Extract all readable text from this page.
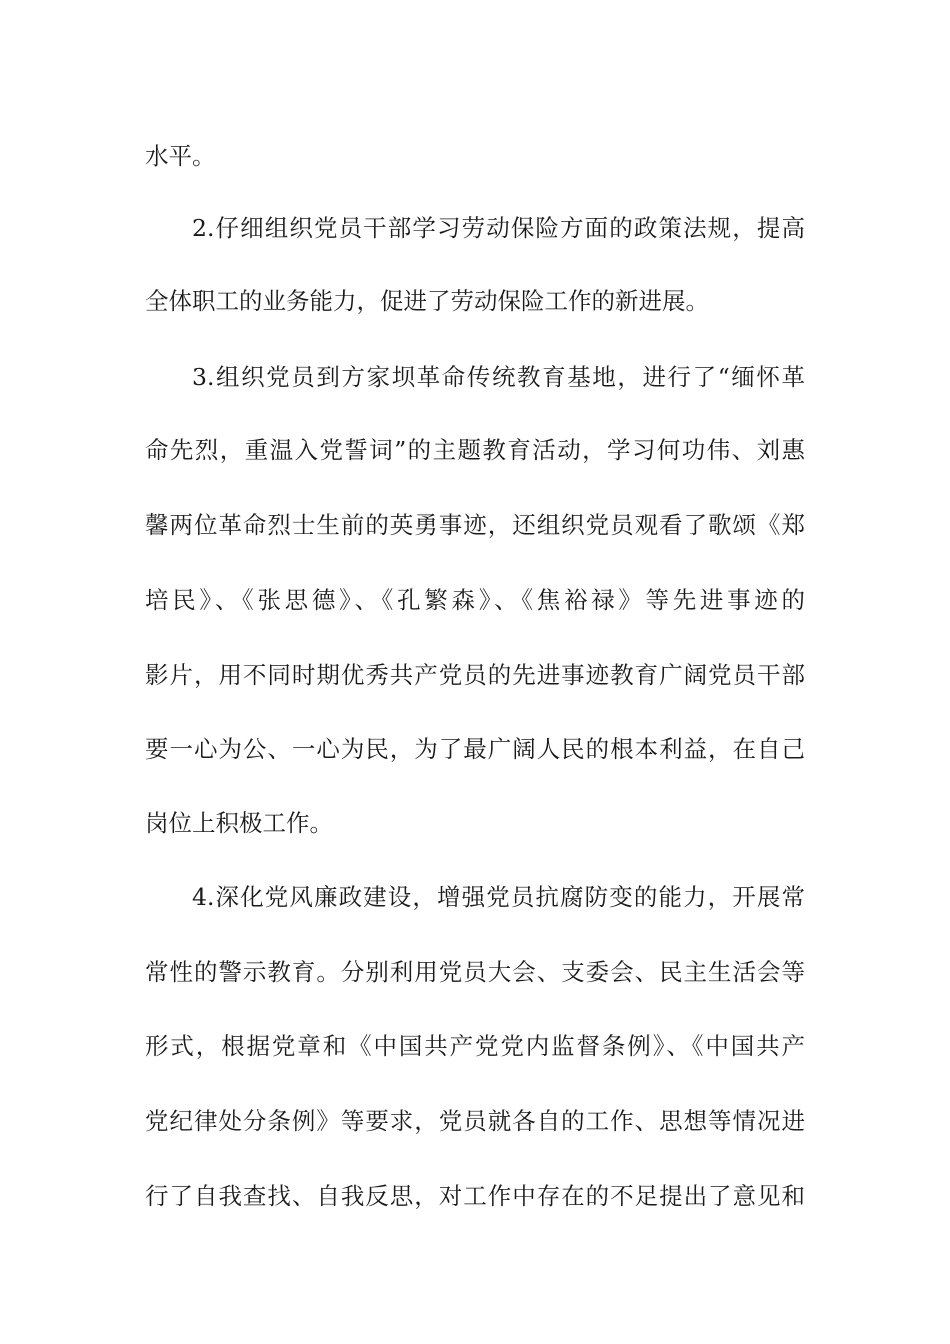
水平。
2.仔细组织党员干部学习劳动保险方面的政策法规，提高
全体职工的业务能力，促进了劳动保险工作的新进展。
3.组织党员到方家坝革命传统教育基地，进行了“缅怀革
命先烈，重温入党誓词”的主题教育活动，学习何功伟、刘惠
馨两位革命烈士生前的英勇事迹，还组织党员观看了歌颂《郑
培民》、《张思德》、《孔繁森》、《焦裕禄》等先进事迹的
影片，用不同时期优秀共产党员的先进事迹教育广阔党员干部
要一心为公、一心为民，为了最广阔人民的根本利益，在自己
岗位上积极工作。
4.深化党风廉政建设，增强党员抗腐防变的能力，开展常
常性的警示教育。分别利用党员大会、支委会、民主生活会等
形式，根据党章和《中国共产党党内监督条例》、《中国共产
党纪律处分条例》等要求，党员就各自的工作、思想等情况进
行了自我查找、自我反思，对工作中存在的不足提出了意见和
